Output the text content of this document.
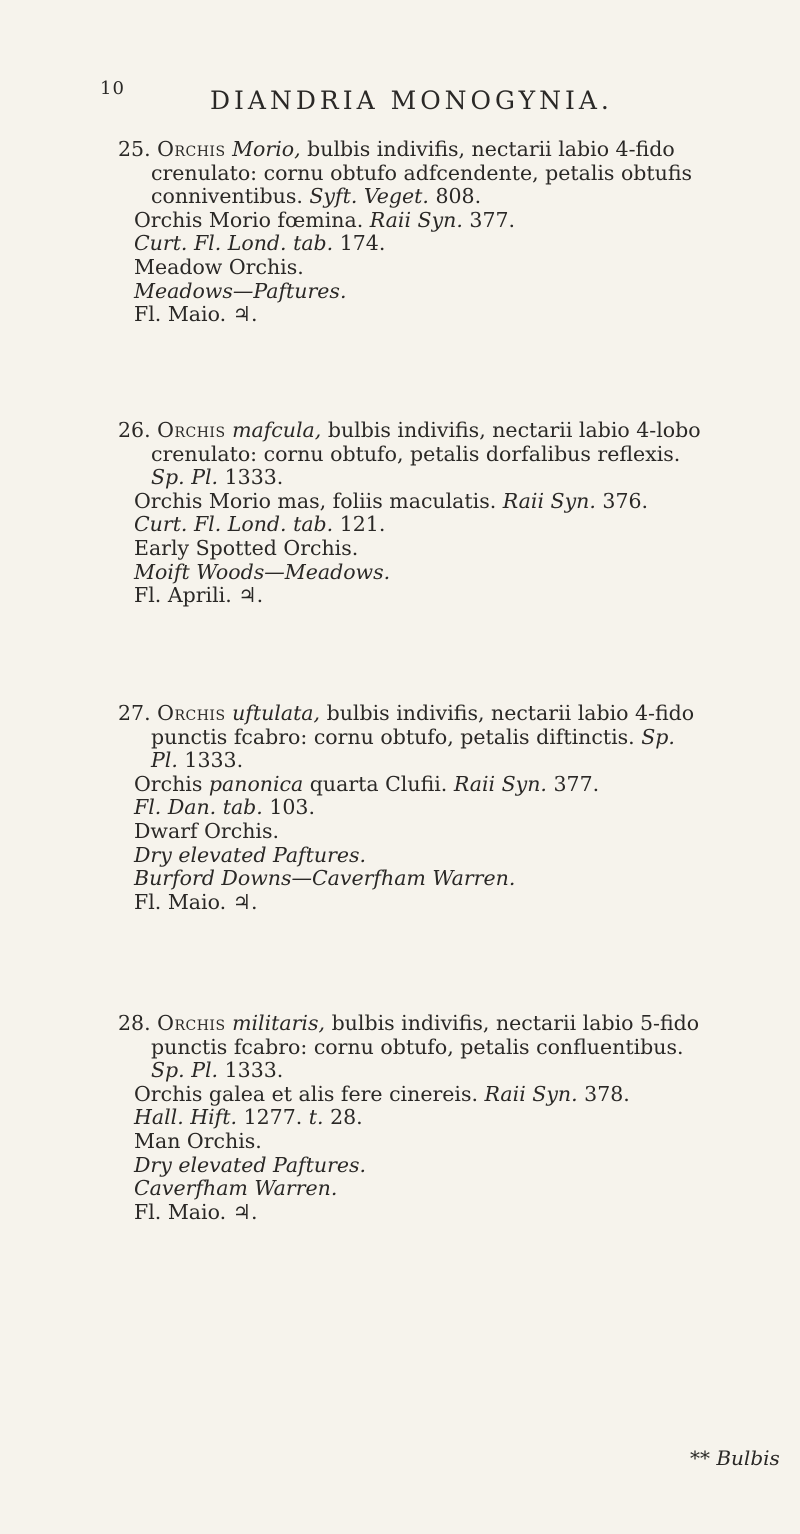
10	DIANDRIA MONOGYNIA.
25. Orchis Morio, bulbis indivifis, nectarii labio 4-fido
crenulato: cornu obtufo adfcendente, petalis obtufis
conniventibus. Syft. Veget. 808.
Orchis Morio fœmina. Raii Syn. 377.
Curt. Fl. Lond. tab. 174.
Meadow Orchis.
Meadows—Paftures.
Fl. Maio. ♃.
26. Orchis mafcula, bulbis indivifis, nectarii labio 4-lobo
crenulato: cornu obtufo, petalis dorfalibus reflexis.
Sp. Pl. 1333.
Orchis Morio mas, foliis maculatis. Raii Syn. 376.
Curt. Fl. Lond. tab. 121.
Early Spotted Orchis.
Moift Woods—Meadows.
Fl. Aprili. ♃.
27. Orchis uftulata, bulbis indivifis, nectarii labio 4-fido
punctis fcabro: cornu obtufo, petalis diftinctis. Sp.
Pl. 1333.
Orchis panonica quarta Clufii. Raii Syn. 377.
Fl. Dan. tab. 103.
Dwarf Orchis.
Dry elevated Paftures.
Burford Downs—Caverfham Warren.
Fl. Maio. ♃.
28. Orchis militaris, bulbis indivifis, nectarii labio 5-fido
punctis fcabro: cornu obtufo, petalis confluentibus.
Sp. Pl. 1333.
Orchis galea et alis fere cinereis. Raii Syn. 378.
Hall. Hift. 1277. t. 28.
Man Orchis.
Dry elevated Paftures.
Caverfham Warren.
Fl. Maio. ♃.
** Bulbis
